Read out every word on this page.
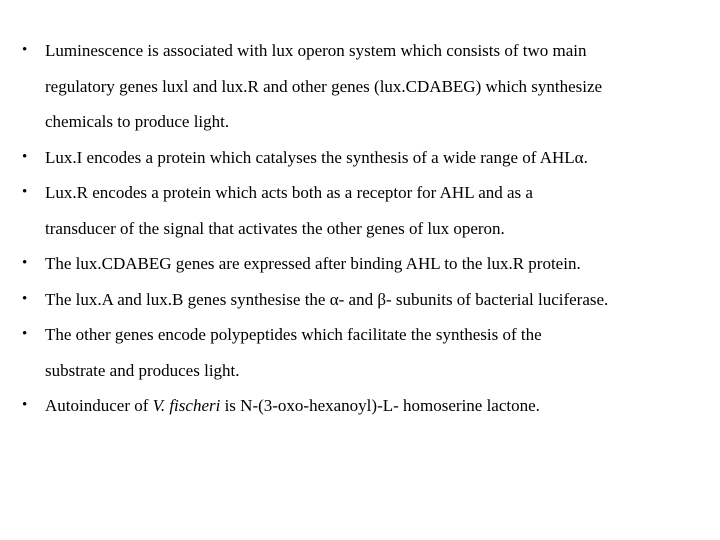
• Luminescence is associated with lux operon system which consists of two main
regulatory genes luxl and lux.R and other genes (lux.CDABEG) which synthesize
chemicals to produce light.
• Lux.I encodes a protein which catalyses the synthesis of a wide range of AHLα.
• Lux.R encodes a protein which acts both as a receptor for AHL and as a
transducer of the signal that activates the other genes of lux operon.
• The lux.CDABEG genes are expressed after binding AHL to the lux.R protein.
• The lux.A and lux.B genes synthesise the α- and β- subunits of bacterial luciferase.
• The other genes encode polypeptides which facilitate the synthesis of the
substrate and produces light.
• Autoinducer of V. fischeri is N-(3-oxo-hexanoyl)-L- homoserine lactone.
